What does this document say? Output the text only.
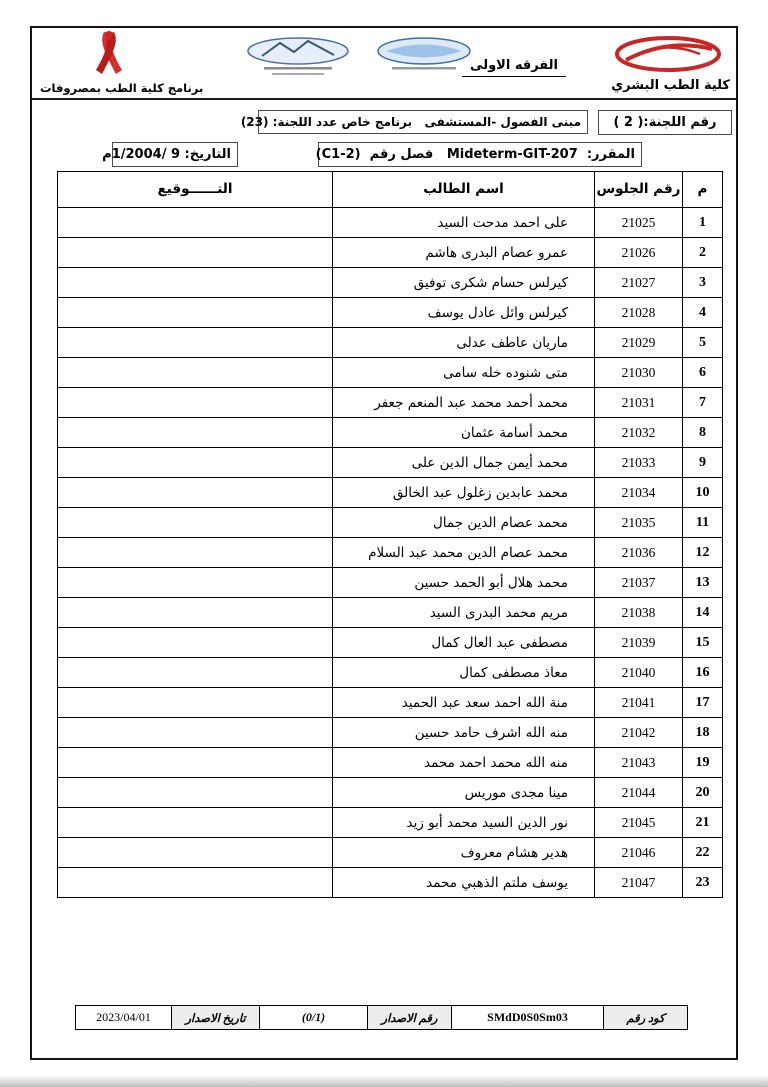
الفرقه الاولى
كلية الطب البشري
برنامج كلية الطب بمصروفات
رقم اللجنة:( 2 )
مبنى الفصول -المستشفى   برنامج خاص عدد اللجنة: (23)
المقرر:  Mideterm-GIT-207   فصل رقم  (C1-2)
التاريخ: 9 /1/2004م
م	رقم الجلوس	اسم الطالب	التــــــوقيع
1	21025	على احمد مدحت السيد	
2	21026	عمرو عصام البدرى هاشم	
3	21027	كيرلس حسام شكرى توفيق	
4	21028	كيرلس وائل عادل يوسف	
5	21029	ماريان عاطف عدلى	
6	21030	متى شنوده خله سامى	
7	21031	محمد أحمد محمد عبد المنعم جعفر	
8	21032	محمد أسامة عثمان	
9	21033	محمد أيمن جمال الدين على	
10	21034	محمد عابدين زغلول عبد الخالق	
11	21035	محمد عصام الدين جمال	
12	21036	محمد عصام الدين محمد عبد السلام	
13	21037	محمد هلال أبو الحمد حسين	
14	21038	مريم محمد البدرى السيد	
15	21039	مصطفى عبد العال كمال	
16	21040	معاذ مصطفى كمال	
17	21041	منة الله احمد سعد عبد الحميد	
18	21042	منه الله اشرف حامد حسين	
19	21043	منه الله محمد احمد محمد	
20	21044	مينا مجدى موريس	
21	21045	نور الدين السيد محمد أبو زيد	
22	21046	هدير هشام معروف	
23	21047	يوسف ملتم الذهبي محمد	
كود رقم	SMdD0S0Sm03	رقم الاصدار	(0/1)	تاريخ الاصدار	2023/04/01
